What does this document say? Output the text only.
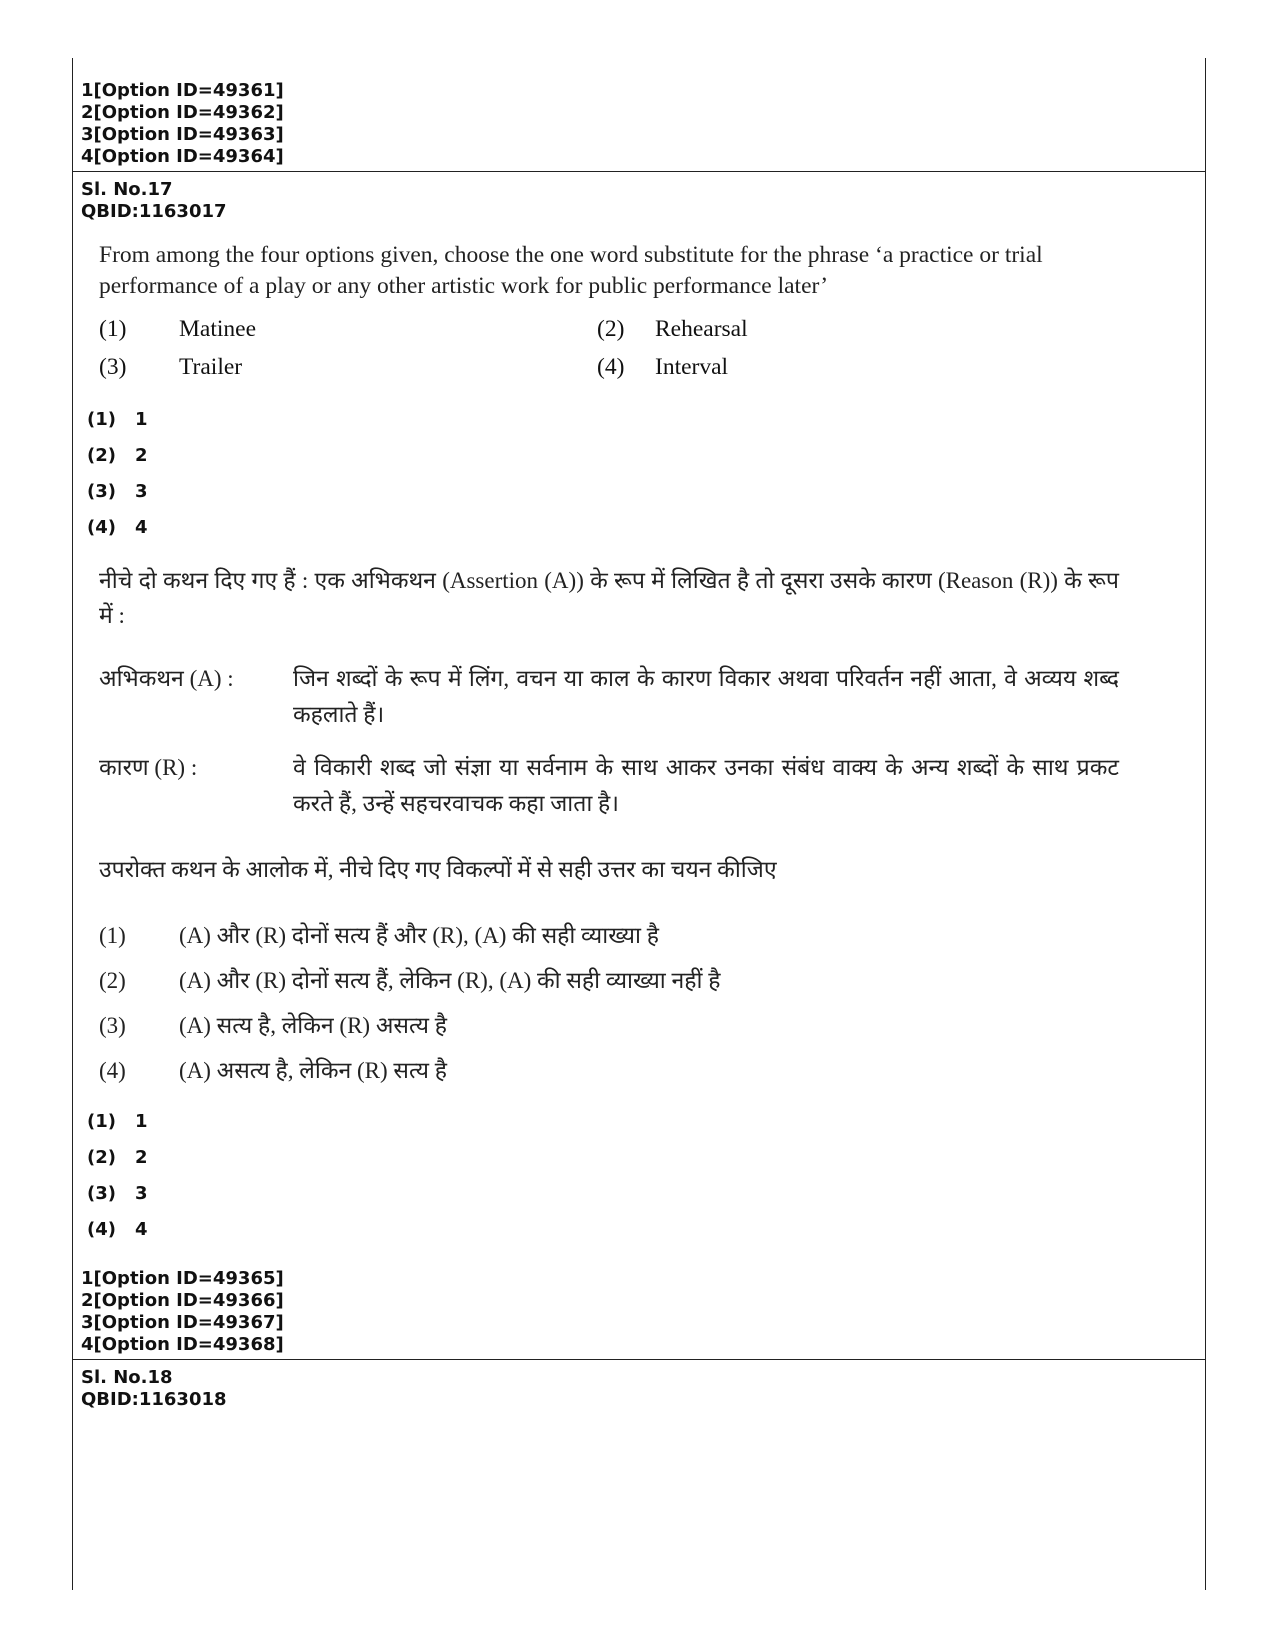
1[Option ID=49361]
2[Option ID=49362]
3[Option ID=49363]
4[Option ID=49364]
Sl. No.17
QBID:1163017
From among the four options given, choose the one word substitute for the phrase ‘a practice or trial performance of a play or any other artistic work for public performance later’
(1) Matinee	(2) Rehearsal
(3) Trailer	(4) Interval
(1) 1
(2) 2
(3) 3
(4) 4
नीचे दो कथन दिए गए हैं : एक अभिकथन (Assertion (A)) के रूप में लिखित है तो दूसरा उसके कारण (Reason (R)) के रूप में :
अभिकथन (A) :	जिन शब्दों के रूप में लिंग, वचन या काल के कारण विकार अथवा परिवर्तन नहीं आता, वे अव्यय शब्द कहलाते हैं।
कारण (R) :	वे विकारी शब्द जो संज्ञा या सर्वनाम के साथ आकर उनका संबंध वाक्य के अन्य शब्दों के साथ प्रकट करते हैं, उन्हें सहचरवाचक कहा जाता है।
उपरोक्त कथन के आलोक में, नीचे दिए गए विकल्पों में से सही उत्तर का चयन कीजिए
(1) (A) और (R) दोनों सत्य हैं और (R), (A) की सही व्याख्या है
(2) (A) और (R) दोनों सत्य हैं, लेकिन (R), (A) की सही व्याख्या नहीं है
(3) (A) सत्य है, लेकिन (R) असत्य है
(4) (A) असत्य है, लेकिन (R) सत्य है
(1) 1
(2) 2
(3) 3
(4) 4
1[Option ID=49365]
2[Option ID=49366]
3[Option ID=49367]
4[Option ID=49368]
Sl. No.18
QBID:1163018
